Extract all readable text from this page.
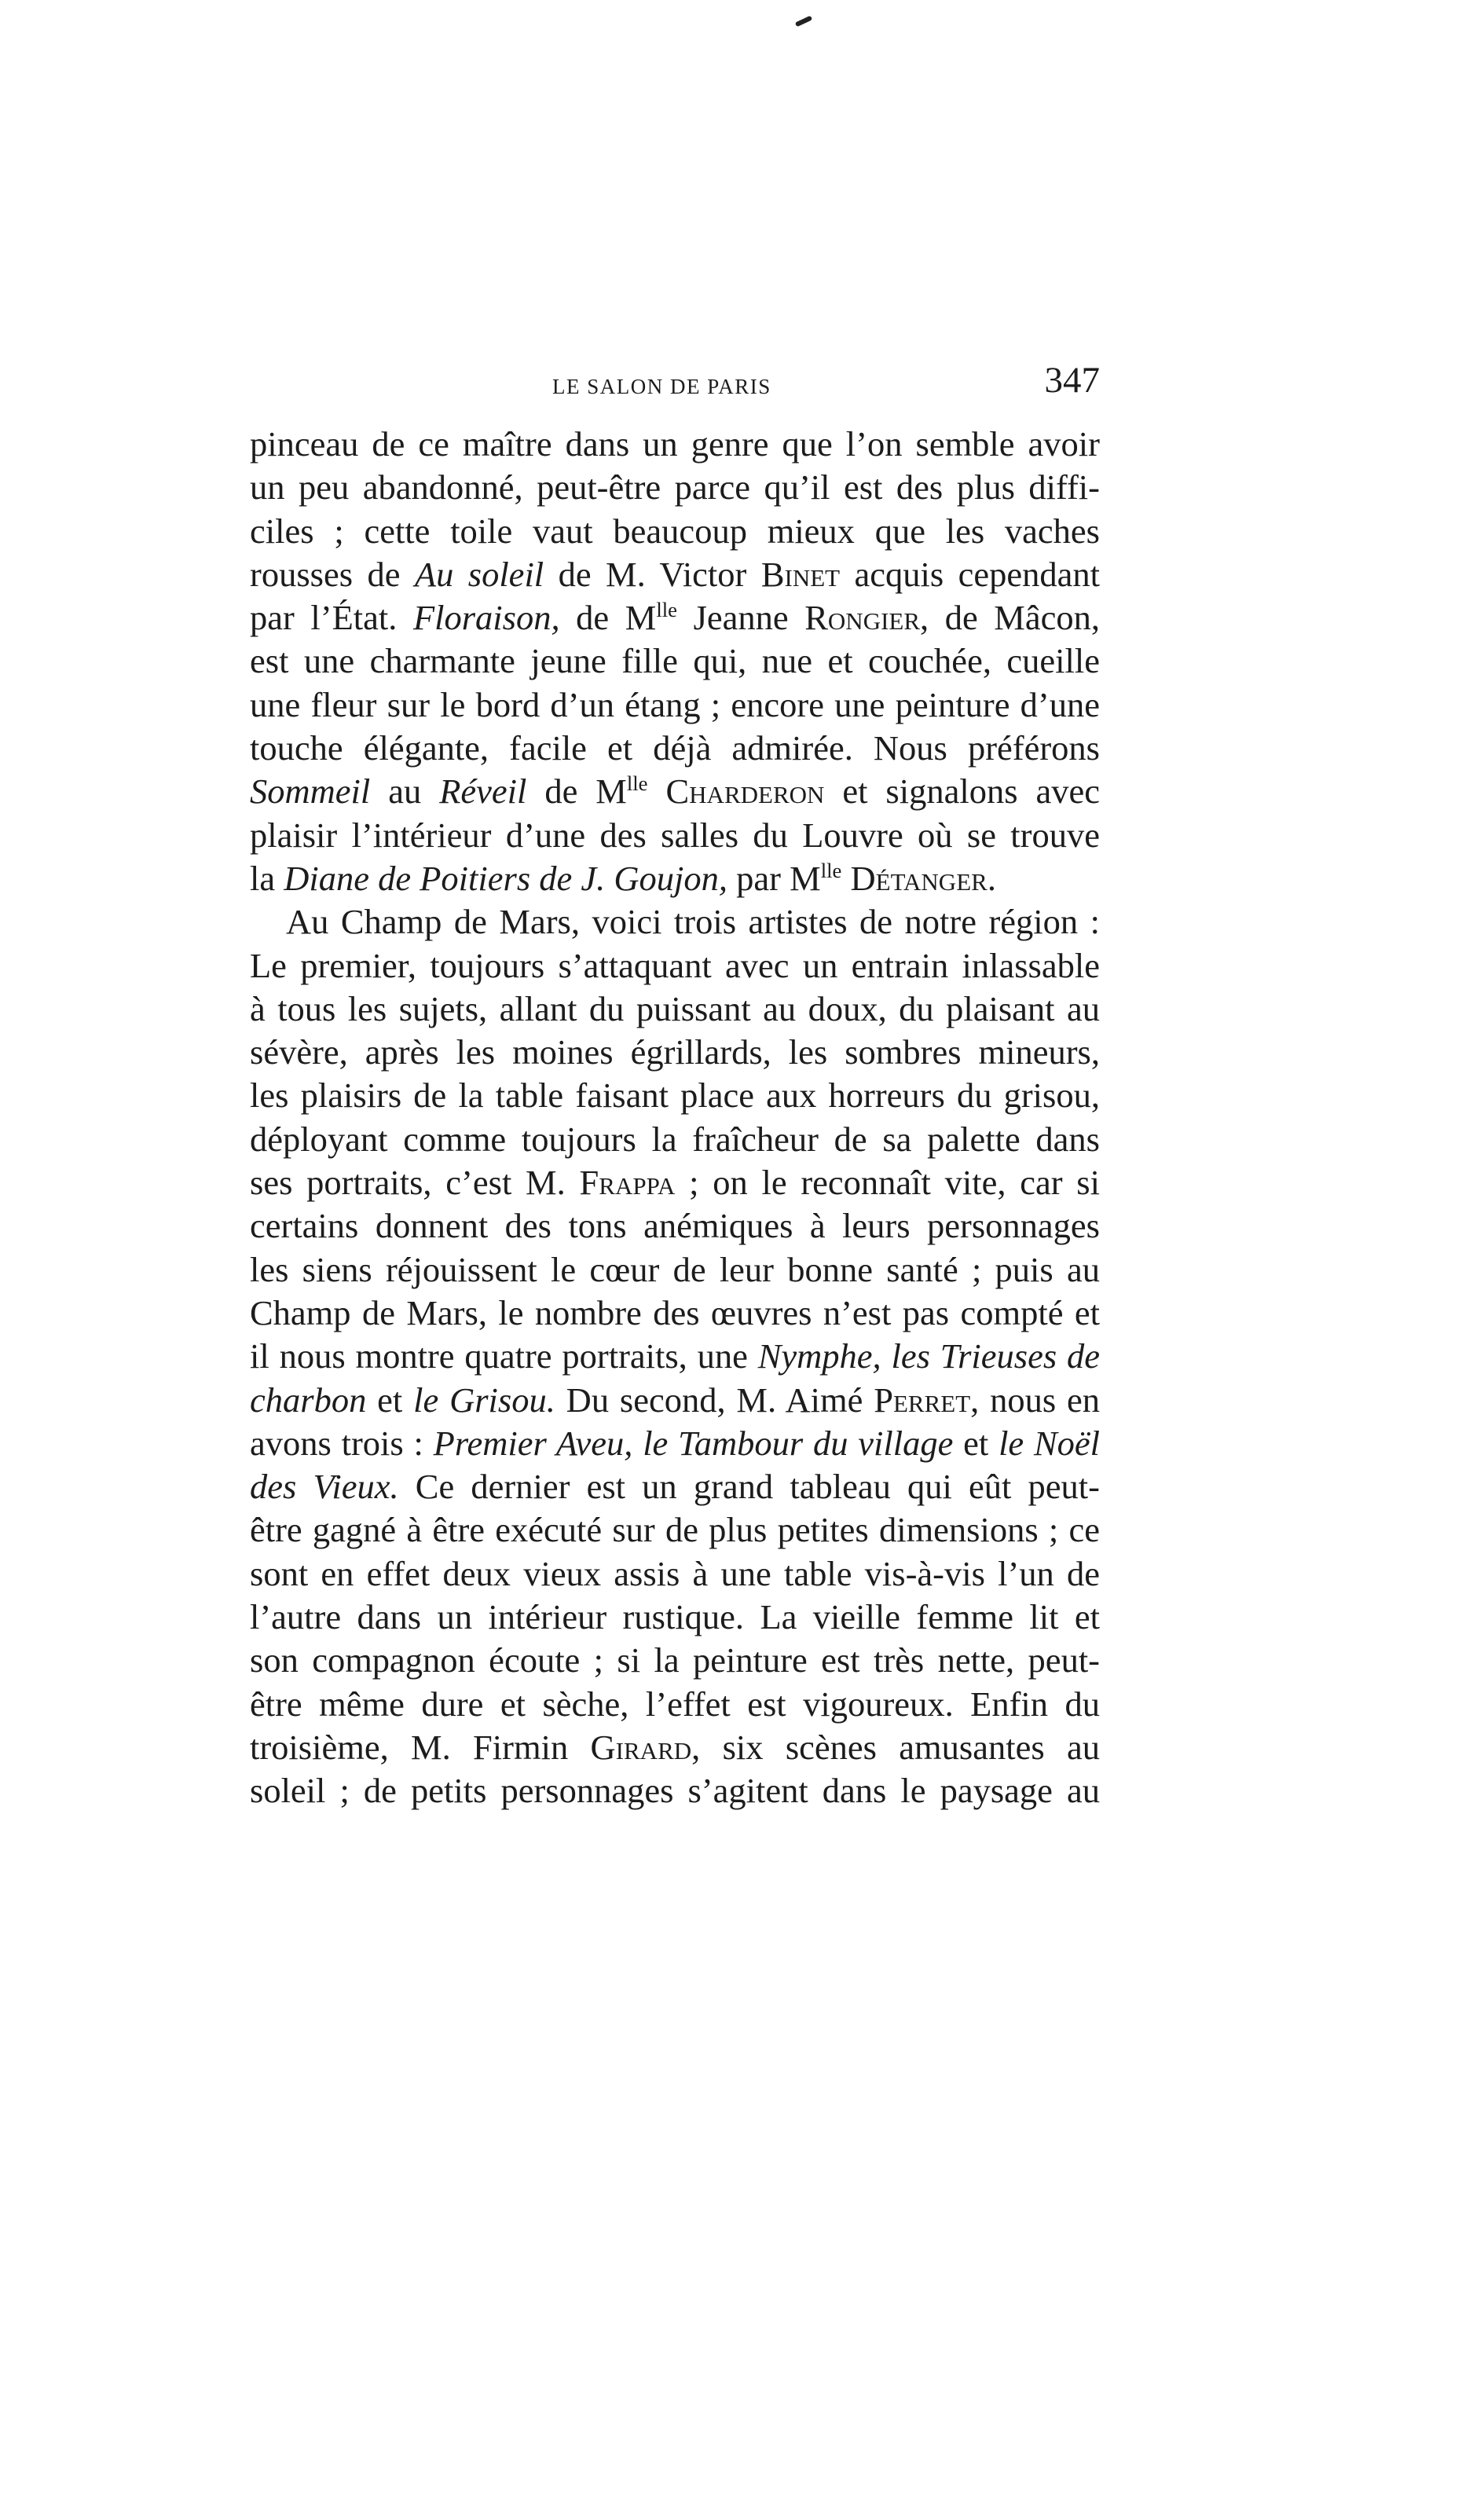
LE SALON DE PARIS	347
pinceau de ce maître dans un genre que l’on semble avoir
un peu abandonné, peut-être parce qu’il est des plus diffi-
ciles ; cette toile vaut beaucoup mieux que les vaches
rousses de Au soleil de M. Victor Binet acquis cependant
par l’État. Floraison, de $M^{lle}$ Jeanne Rongier, de Mâcon,
est une charmante jeune fille qui, nue et couchée, cueille
une fleur sur le bord d’un étang ; encore une peinture d’une
touche élégante, facile et déjà admirée. Nous préférons
Sommeil au Réveil de $M^{lle}$ Charderon et signalons avec
plaisir l’intérieur d’une des salles du Louvre où se trouve
la Diane de Poitiers de J. Goujon, par $M^{lle}$ Détanger.
Au Champ de Mars, voici trois artistes de notre région :
Le premier, toujours s’attaquant avec un entrain inlassable
à tous les sujets, allant du puissant au doux, du plaisant au
sévère, après les moines égrillards, les sombres mineurs,
les plaisirs de la table faisant place aux horreurs du grisou,
déployant comme toujours la fraîcheur de sa palette dans
ses portraits, c’est M. Frappa ; on le reconnaît vite, car si
certains donnent des tons anémiques à leurs personnages
les siens réjouissent le cœur de leur bonne santé ; puis au
Champ de Mars, le nombre des œuvres n’est pas compté et
il nous montre quatre portraits, une Nymphe, les Trieuses de
charbon et le Grisou. Du second, M. Aimé Perret, nous en
avons trois : Premier Aveu, le Tambour du village et le Noël
des Vieux. Ce dernier est un grand tableau qui eût peut-
être gagné à être exécuté sur de plus petites dimensions ; ce
sont en effet deux vieux assis à une table vis-à-vis l’un de
l’autre dans un intérieur rustique. La vieille femme lit et
son compagnon écoute ; si la peinture est très nette, peut-
être même dure et sèche, l’effet est vigoureux. Enfin du
troisième, M. Firmin Girard, six scènes amusantes au
soleil ; de petits personnages s’agitent dans le paysage au
